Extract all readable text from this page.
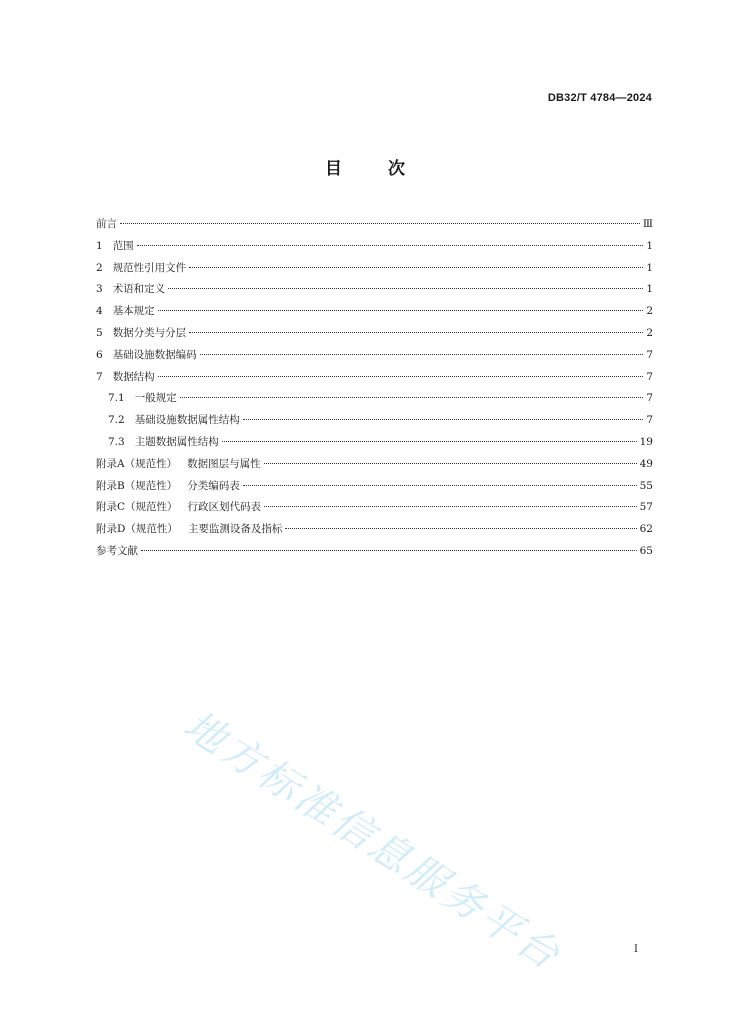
DB32/T 4784—2024
目	次
前言	Ⅲ
1 范围	1
2 规范性引用文件	1
3 术语和定义	1
4 基本规定	2
5 数据分类与分层	2
6 基础设施数据编码	7
7 数据结构	7
7.1 一般规定	7
7.2 基础设施数据属性结构	7
7.3 主题数据属性结构	19
附录A（规范性） 数据图层与属性	49
附录B（规范性） 分类编码表	55
附录C（规范性） 行政区划代码表	57
附录D（规范性） 主要监测设备及指标	62
参考文献	65
地方标准信息服务平台	I
